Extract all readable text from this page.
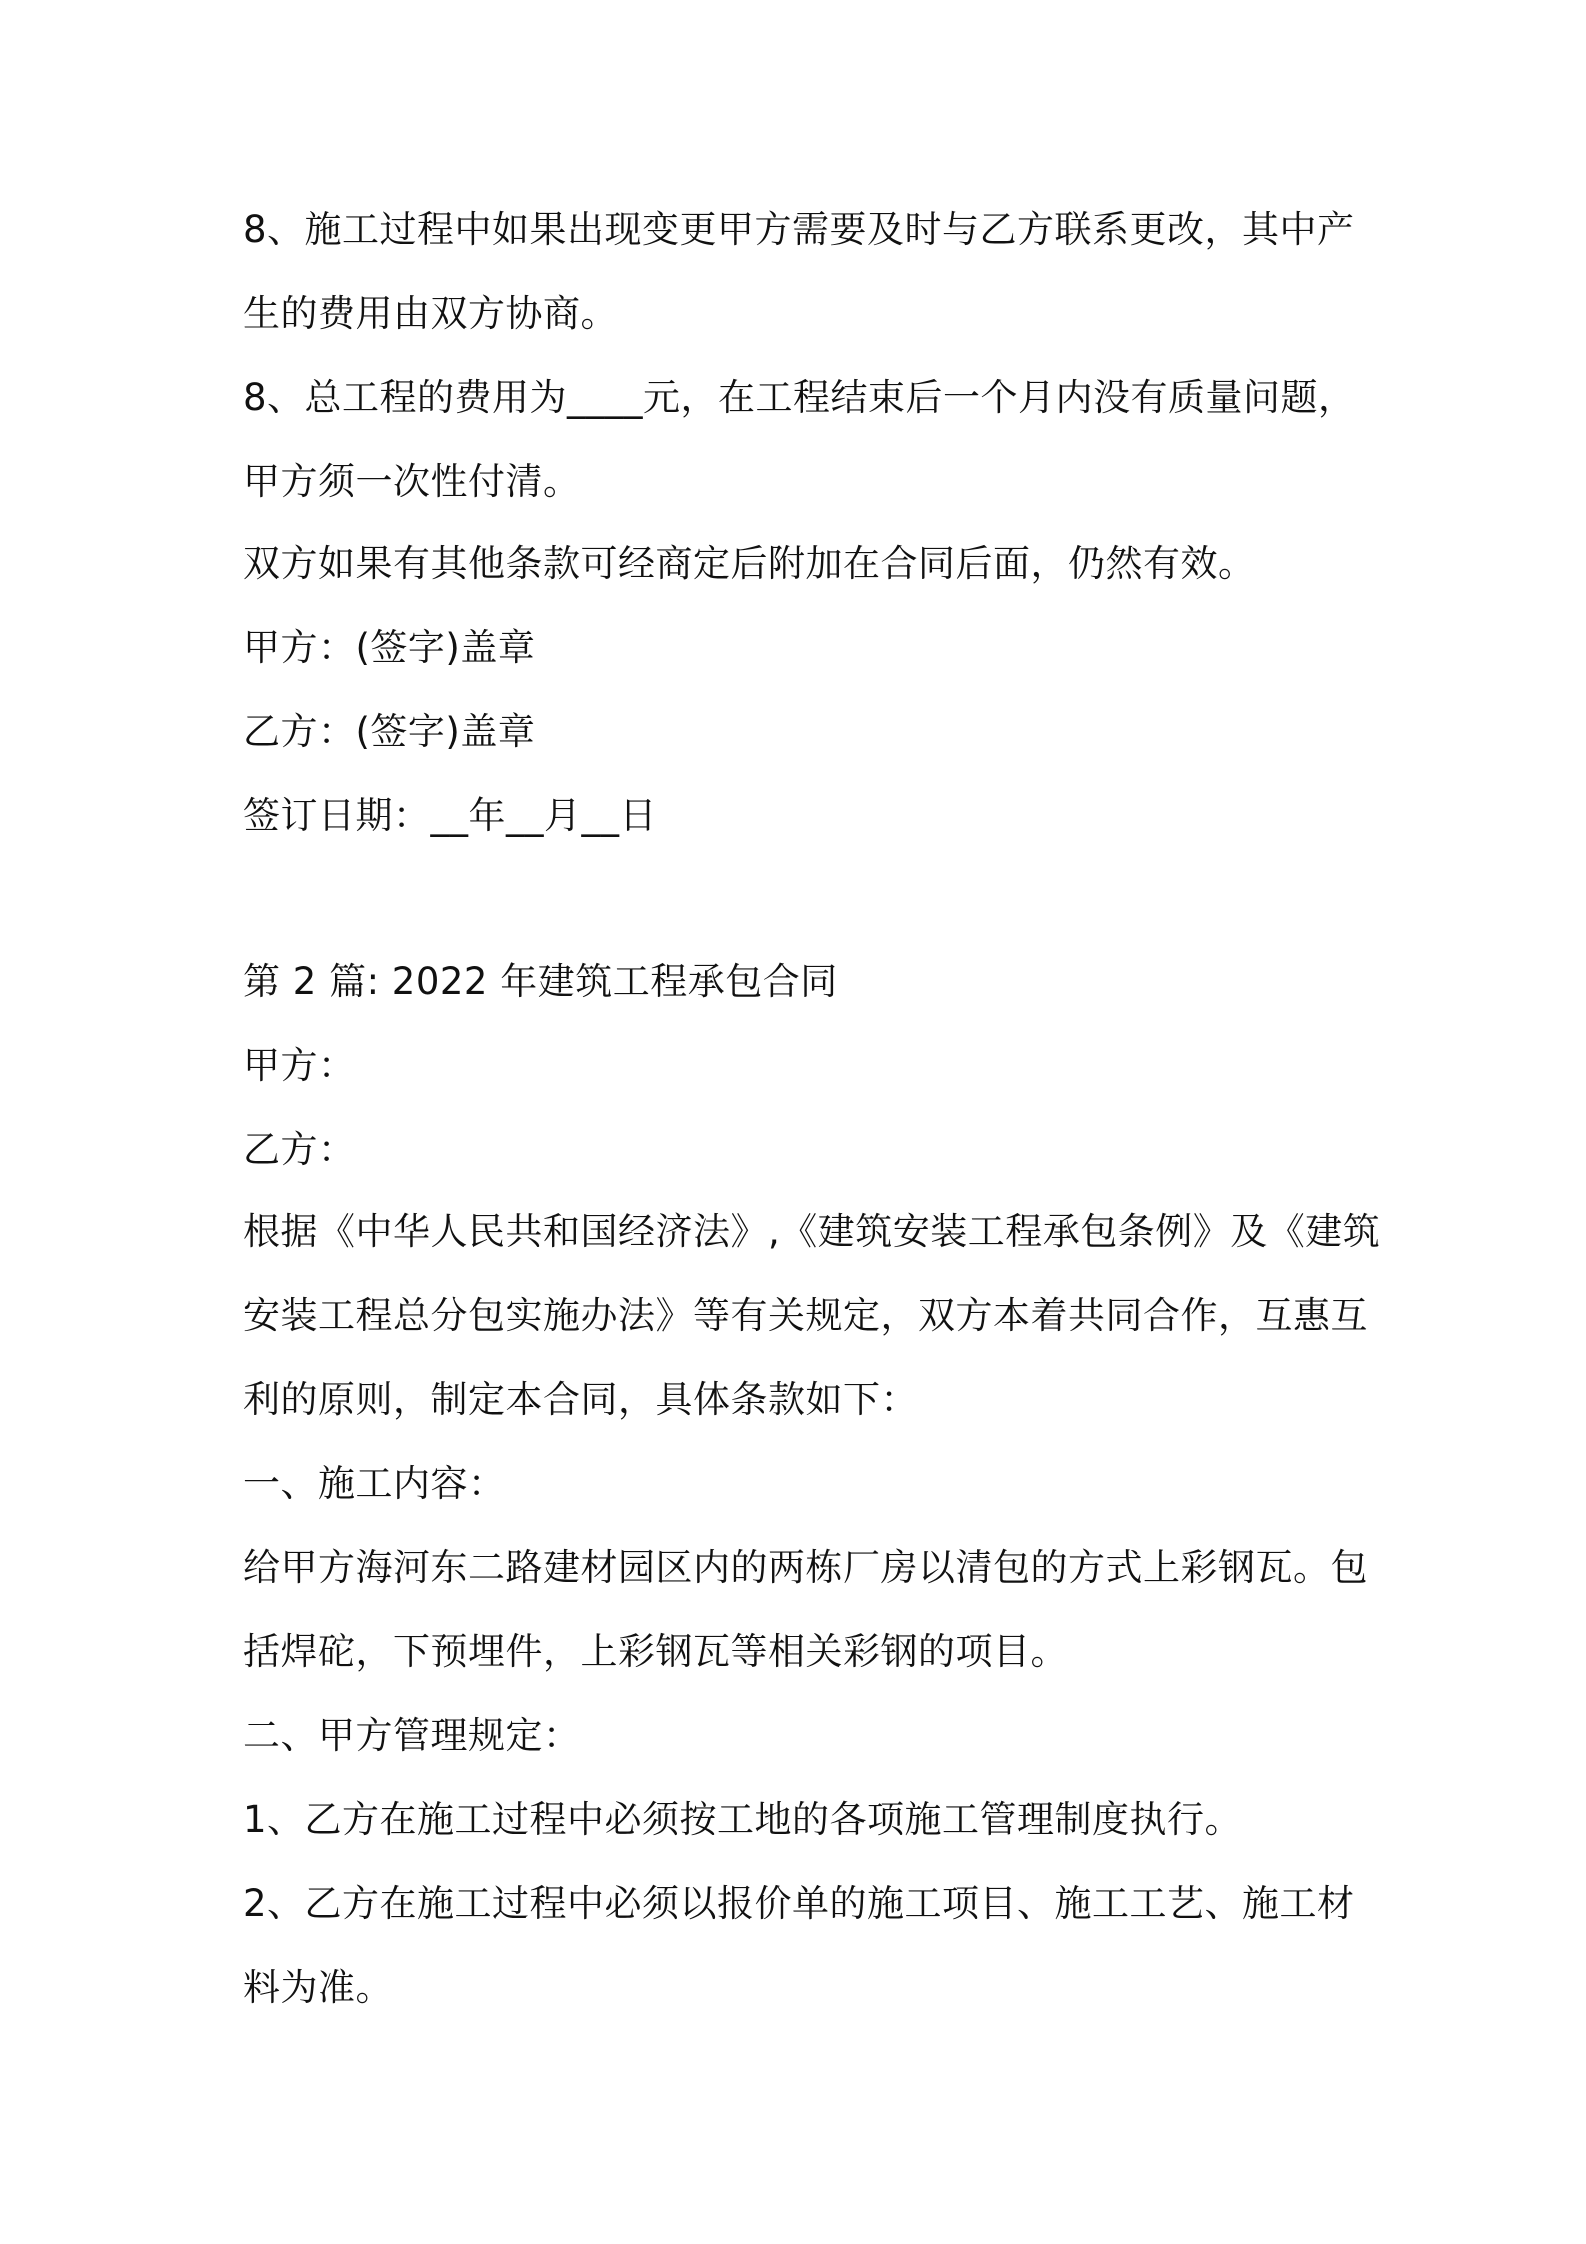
8、施工过程中如果出现变更甲方需要及时与乙方联系更改，其中产
生的费用由双方协商。
8、总工程的费用为____元，在工程结束后一个月内没有质量问题，
甲方须一次性付清。
双方如果有其他条款可经商定后附加在合同后面，仍然有效。
甲方：(签字)盖章
乙方：(签字)盖章
签订日期：__年__月__日
第 2 篇: 2022 年建筑工程承包合同
甲方：
乙方：
根据《中华人民共和国经济法》,《建筑安装工程承包条例》及《建筑
安装工程总分包实施办法》等有关规定，双方本着共同合作，互惠互
利的原则，制定本合同，具体条款如下：
一、施工内容：
给甲方海河东二路建材园区内的两栋厂房以清包的方式上彩钢瓦。包
括焊砣，下预埋件，上彩钢瓦等相关彩钢的项目。
二、甲方管理规定：
1、乙方在施工过程中必须按工地的各项施工管理制度执行。
2、乙方在施工过程中必须以报价单的施工项目、施工工艺、施工材
料为准。
